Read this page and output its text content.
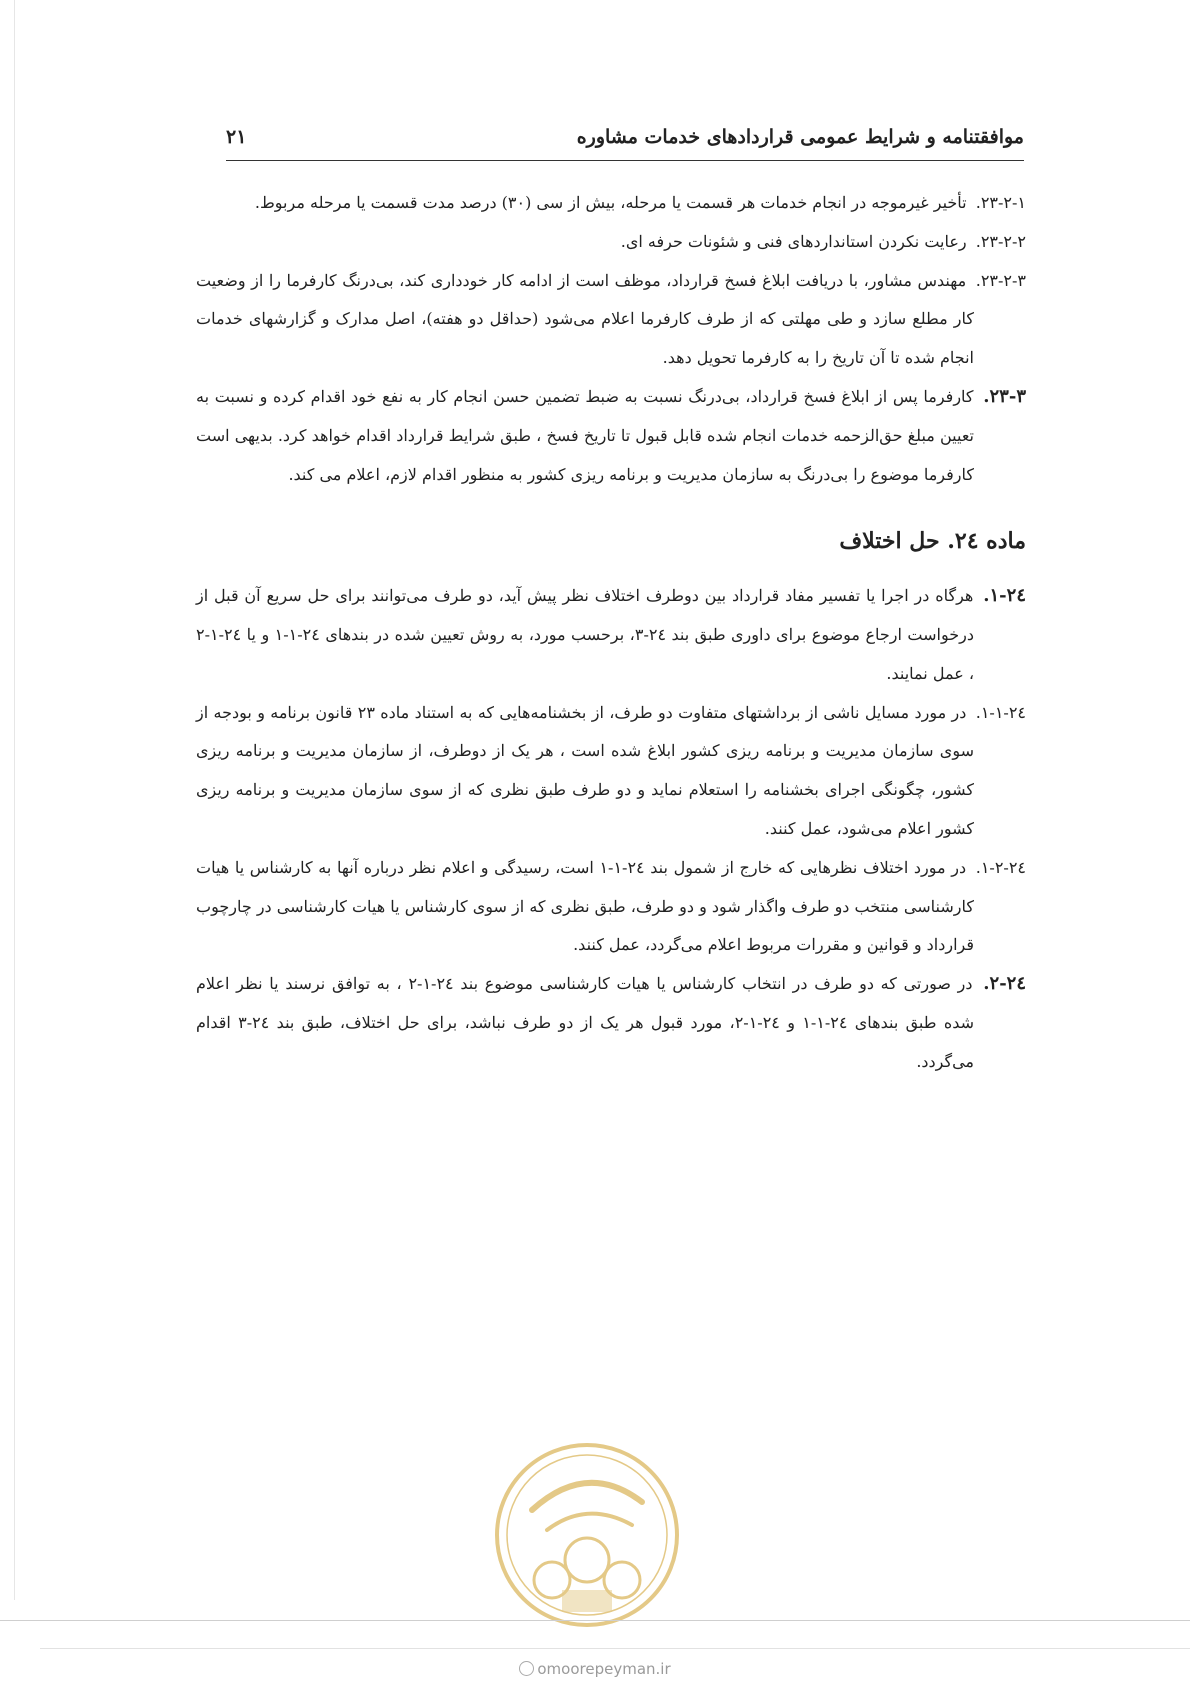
موافقتنامه و شرایط عمومی قراردادهای خدمات مشاوره
۲۱

۲۳-۲-۱. تأخیر غیرموجه در انجام خدمات هر قسمت یا مرحله، بیش از سی (۳۰) درصد مدت قسمت یا مرحله مربوط.

۲۳-۲-۲. رعایت نکردن استانداردهای فنی و شئونات حرفه ای.

۲۳-۲-۳. مهندس مشاور، با دریافت ابلاغ فسخ قرارداد، موظف است از ادامه کار خودداری کند، بی‌درنگ کارفرما را از وضعیت کار مطلع سازد و طی مهلتی که از طرف کارفرما اعلام می‌شود (حداقل دو هفته)، اصل مدارک و گزارشهای خدمات انجام شده تا آن تاریخ را به کارفرما تحویل دهد.

۲۳-۳. کارفرما پس از ابلاغ فسخ قرارداد، بی‌درنگ نسبت به ضبط تضمین حسن انجام کار به نفع خود اقدام کرده و نسبت به تعیین مبلغ حق‌الزحمه خدمات انجام شده قابل قبول تا تاریخ فسخ ، طبق شرایط قرارداد اقدام خواهد کرد. بدیهی است کارفرما موضوع را بی‌درنگ به سازمان مدیریت و برنامه ریزی کشور به منظور اقدام لازم، اعلام می کند.

ماده ۲٤. حل اختلاف

۲٤-۱. هرگاه در اجرا یا تفسیر مفاد قرارداد بین دوطرف اختلاف نظر پیش آید، دو طرف می‌توانند برای حل سریع آن قبل از درخواست ارجاع موضوع برای داوری طبق بند ۲٤-۳، برحسب مورد، به روش تعیین شده در بندهای ۲٤-۱-۱ و یا ۲٤-۱-۲ ، عمل نمایند.

۲٤-۱-۱. در مورد مسایل ناشی از برداشتهای متفاوت دو طرف، از بخشنامه‌هایی که به استناد ماده ۲۳ قانون برنامه و بودجه از سوی سازمان مدیریت و برنامه ریزی کشور ابلاغ شده است ، هر یک از دوطرف، از سازمان مدیریت و برنامه ریزی کشور، چگونگی اجرای بخشنامه را استعلام نماید و دو طرف طبق نظری که از سوی سازمان مدیریت و برنامه ریزی کشور اعلام می‌شود، عمل کنند.

۲٤-۱-۲. در مورد اختلاف نظرهایی که خارج از شمول بند ۲٤-۱-۱ است، رسیدگی و اعلام نظر درباره آنها به کارشناس یا هیات کارشناسی منتخب دو طرف واگذار شود و دو طرف، طبق نظری که از سوی کارشناس یا هیات کارشناسی در چارچوب قرارداد و قوانین و مقررات مربوط اعلام می‌گردد، عمل کنند.

۲٤-۲. در صورتی که دو طرف در انتخاب کارشناس یا هیات کارشناسی موضوع بند ۲٤-۱-۲ ، به توافق نرسند یا نظر اعلام شده طبق بندهای ۲٤-۱-۱ و ۲٤-۱-۲، مورد قبول هر یک از دو طرف نباشد، برای حل اختلاف، طبق بند ۲٤-۳ اقدام می‌گردد.

omoorepeyman.ir
